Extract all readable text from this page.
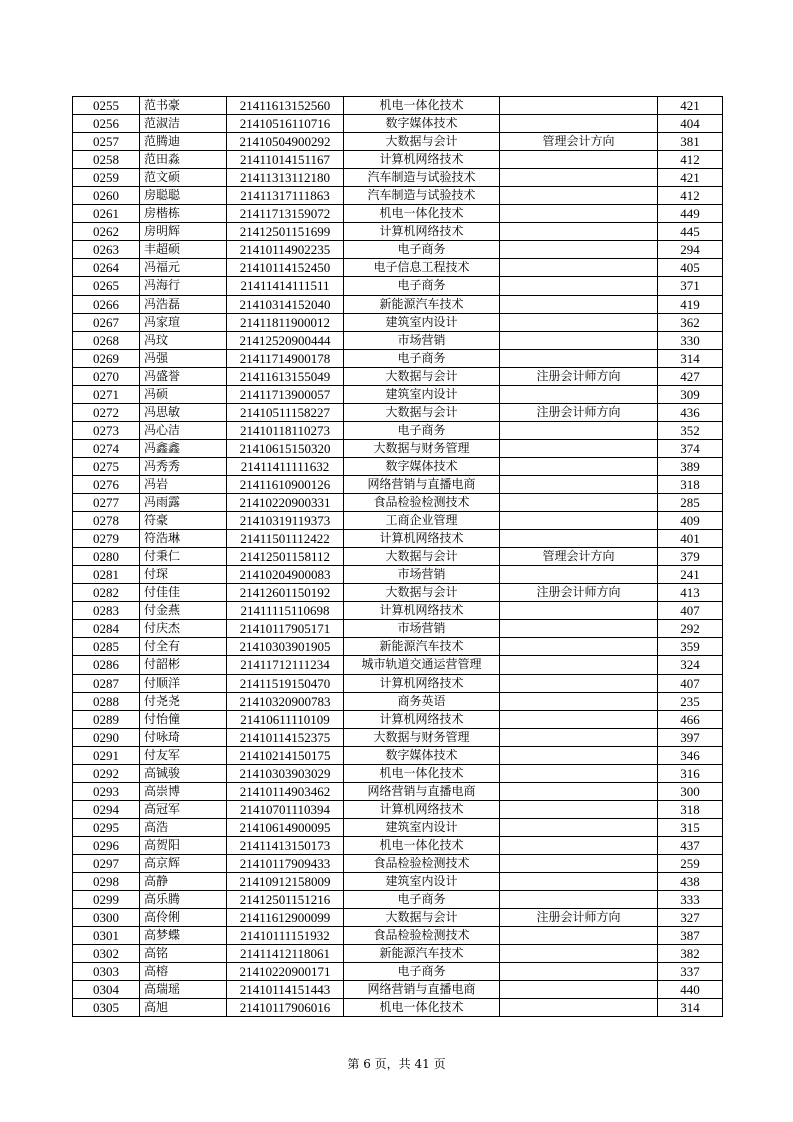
0255	范书豪	21411613152560	机电一体化技术		421
0256	范淑洁	21410516110716	数字媒体技术		404
0257	范腾迪	21410504900292	大数据与会计	管理会计方向	381
0258	范田淼	21411014151167	计算机网络技术		412
0259	范文硕	21411313112180	汽车制造与试验技术		421
0260	房聪聪	21411317111863	汽车制造与试验技术		412
0261	房楷栋	21411713159072	机电一体化技术		449
0262	房明辉	21412501151699	计算机网络技术		445
0263	丰超硕	21410114902235	电子商务		294
0264	冯福元	21410114152450	电子信息工程技术		405
0265	冯海行	21411414111511	电子商务		371
0266	冯浩磊	21410314152040	新能源汽车技术		419
0267	冯家瑄	21411811900012	建筑室内设计		362
0268	冯玟	21412520900444	市场营销		330
0269	冯强	21411714900178	电子商务		314
0270	冯盛誉	21411613155049	大数据与会计	注册会计师方向	427
0271	冯硕	21411713900057	建筑室内设计		309
0272	冯思敏	21410511158227	大数据与会计	注册会计师方向	436
0273	冯心洁	21410118110273	电子商务		352
0274	冯鑫鑫	21410615150320	大数据与财务管理		374
0275	冯秀秀	21411411111632	数字媒体技术		389
0276	冯岩	21411610900126	网络营销与直播电商		318
0277	冯雨露	21410220900331	食品检验检测技术		285
0278	符豪	21410319119373	工商企业管理		409
0279	符浩琳	21411501112422	计算机网络技术		401
0280	付秉仁	21412501158112	大数据与会计	管理会计方向	379
0281	付琛	21410204900083	市场营销		241
0282	付佳佳	21412601150192	大数据与会计	注册会计师方向	413
0283	付金燕	21411115110698	计算机网络技术		407
0284	付庆杰	21410117905171	市场营销		292
0285	付全有	21410303901905	新能源汽车技术		359
0286	付韶彬	21411712111234	城市轨道交通运营管理		324
0287	付顺洋	21411519150470	计算机网络技术		407
0288	付尧尧	21410320900783	商务英语		235
0289	付怡僮	21410611110109	计算机网络技术		466
0290	付咏琦	21410114152375	大数据与财务管理		397
0291	付友军	21410214150175	数字媒体技术		346
0292	高铖骏	21410303903029	机电一体化技术		316
0293	高崇博	21410114903462	网络营销与直播电商		300
0294	高冠军	21410701110394	计算机网络技术		318
0295	高浩	21410614900095	建筑室内设计		315
0296	高贺阳	21411413150173	机电一体化技术		437
0297	高京辉	21410117909433	食品检验检测技术		259
0298	高静	21410912158009	建筑室内设计		438
0299	高乐腾	21412501151216	电子商务		333
0300	高伶俐	21411612900099	大数据与会计	注册会计师方向	327
0301	高梦蝶	21410111151932	食品检验检测技术		387
0302	高铭	21411412118061	新能源汽车技术		382
0303	高榕	21410220900171	电子商务		337
0304	高瑞瑶	21410114151443	网络营销与直播电商		440
0305	高旭	21410117906016	机电一体化技术		314
第 6 页，共 41 页
